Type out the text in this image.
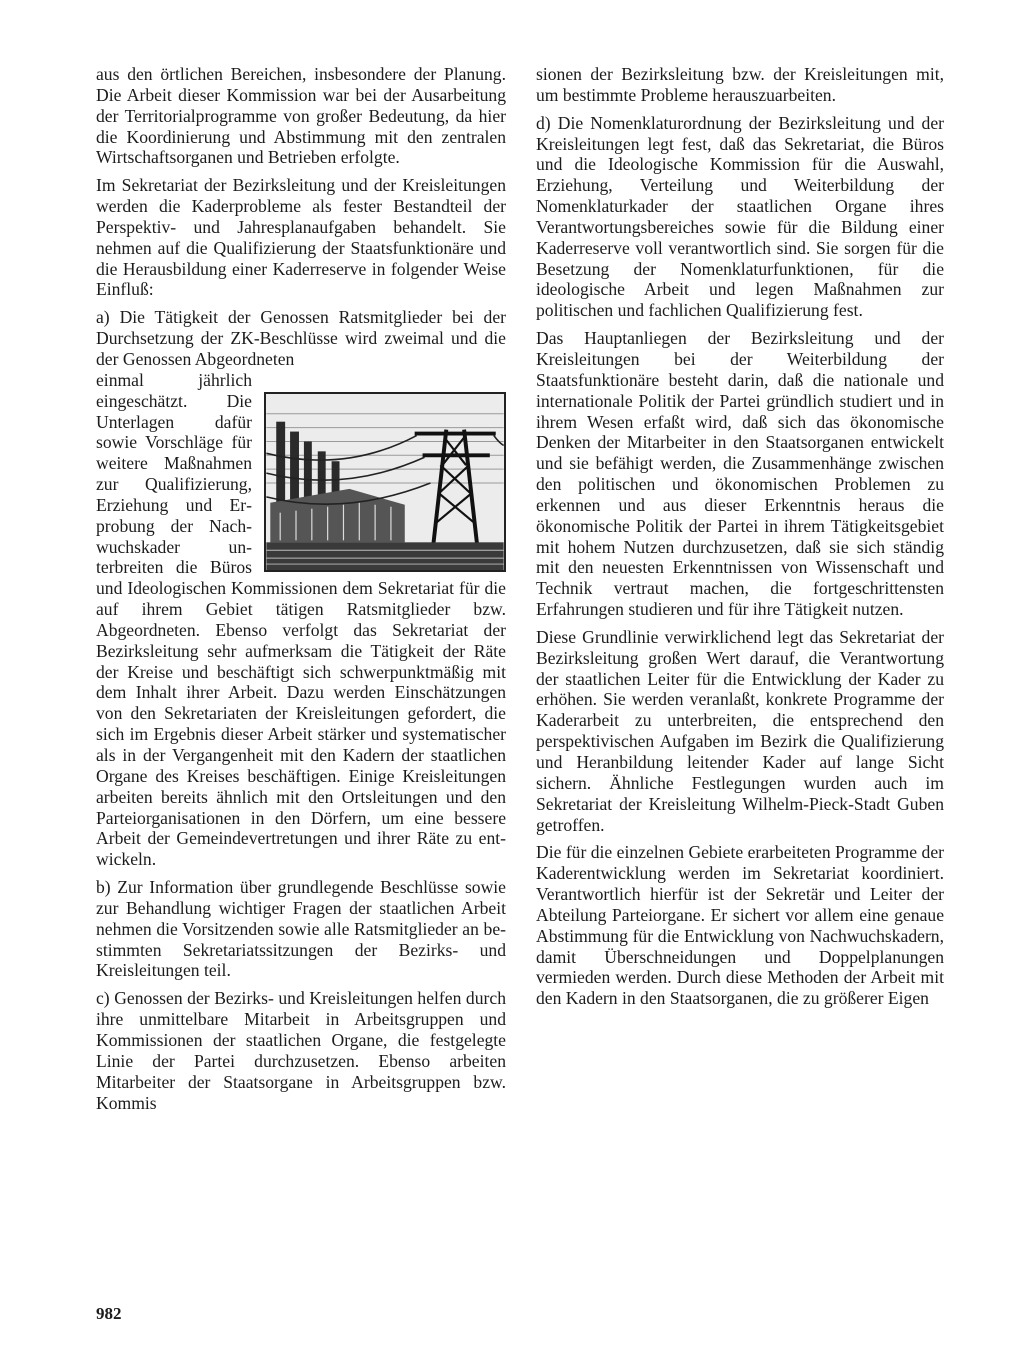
aus den örtlichen Bereichen, insbesondere der Planung. Die Arbeit dieser Kommission war bei der Ausarbeitung der Territorialprogramme von großer Bedeutung, da hier die Koordinierung und Abstimmung mit den zentralen Wirtschaftsorganen und Betrieben erfolgte.

Im Sekretariat der Bezirksleitung und der Kreisleitungen werden die Kaderprobleme als fester Bestandteil der Perspektiv- und Jahresplanaufgaben behandelt. Sie nehmen auf die Qualifizierung der Staatsfunktionäre und die Herausbildung einer Kaderreserve in folgender Weise Einfluß:

a) Die Tätigkeit der Genossen Ratsmitglieder bei der Durchsetzung der ZK-Beschlüsse wird zweimal und die der Genossen Abgeordneten

einmal jährlich eingeschätzt. Die Unterlagen dafür sowie Vorschläge für weitere Maßnahmen zur Qualifizierung, Erziehung und Erprobung der Nachwuchskader unterbreiten die Büros und Ideologischen Kommissionen dem Sekretariat für die auf ihrem Gebiet tätigen Ratsmitglieder bzw. Abgeordneten. Ebenso verfolgt das Sekretariat der Bezirksleitung sehr aufmerksam die Tätigkeit der Räte der Kreise und beschäftigt sich schwerpunktmäßig mit dem Inhalt ihrer Arbeit. Dazu werden Einschätzungen von den Sekretariaten der Kreisleitungen gefordert, die sich im Ergebnis dieser Arbeit stärker und systematischer als in der Vergangenheit mit den Kadern der staatlichen Organe des Kreises beschäftigen. Einige Kreisleitungen arbeiten bereits ähnlich mit den Ortsleitungen und den Parteiorganisationen in den Dörfern, um eine bessere Arbeit der Gemeindevertretungen und ihrer Räte zu entwickeln.

b) Zur Information über grundlegende Beschlüsse sowie zur Behandlung wichtiger Fragen der staatlichen Arbeit nehmen die Vorsitzenden sowie alle Ratsmitglieder an bestimmten Sekretariatssitzungen der Bezirks- und Kreisleitungen teil.

c) Genossen der Bezirks- und Kreisleitungen helfen durch ihre unmittelbare Mitarbeit in Arbeitsgruppen und Kommissionen der staatlichen Organe, die festgelegte Linie der Partei durchzusetzen. Ebenso arbeiten Mitarbeiter der Staatsorgane in Arbeitsgruppen bzw. Kommis

sionen der Bezirksleitung bzw. der Kreisleitungen mit, um bestimmte Probleme herauszuarbeiten.

d) Die Nomenklaturordnung der Bezirksleitung und der Kreisleitungen legt fest, daß das Sekretariat, die Büros und die Ideologische Kommission für die Auswahl, Erziehung, Verteilung und Weiterbildung der Nomenklaturkader der staatlichen Organe ihres Verantwortungsbereiches sowie für die Bildung einer Kaderreserve voll verantwortlich sind. Sie sorgen für die Besetzung der Nomenklaturfunktionen, für die ideologische Arbeit und legen Maßnahmen zur politischen und fachlichen Qualifizierung fest.

Das Hauptanliegen der Bezirksleitung und der Kreisleitungen bei der Weiterbildung der Staatsfunktionäre besteht darin, daß die nationale und internationale Politik der Partei gründlich studiert und in ihrem Wesen erfaßt wird, daß sich das ökonomische Denken der Mitarbeiter in den Staatsorganen entwickelt und sie befähigt werden, die Zusammenhänge zwischen den politischen und ökonomischen Problemen zu erkennen und aus dieser Erkenntnis heraus die ökonomische Politik der Partei in ihrem Tätigkeitsgebiet mit hohem Nutzen durchzusetzen, daß sie sich ständig mit den neuesten Erkenntnissen von Wissenschaft und Technik vertraut machen, die fortgeschrittensten Erfahrungen studieren und für ihre Tätigkeit nutzen.

Diese Grundlinie verwirklichend legt das Sekretariat der Bezirksleitung großen Wert darauf, die Verantwortung der staatlichen Leiter für die Entwicklung der Kader zu erhöhen. Sie werden veranlaßt, konkrete Programme der Kaderarbeit zu unterbreiten, die entsprechend den perspektivischen Aufgaben im Bezirk die Qualifizierung und Heranbildung leitender Kader auf lange Sicht sichern. Ähnliche Festlegungen wurden auch im Sekretariat der Kreisleitung Wilhelm-Pieck-Stadt Guben getroffen.

Die für die einzelnen Gebiete erarbeiteten Programme der Kaderentwicklung werden im Sekretariat koordiniert. Verantwortlich hierfür ist der Sekretär und Leiter der Abteilung Parteiorgane. Er sichert vor allem eine genaue Abstimmung für die Entwicklung von Nachwuchskadern, damit Überschneidungen und Doppelplanungen vermieden werden. Durch diese Methoden der Arbeit mit den Kadern in den Staatsorganen, die zu größerer Eigen

982
